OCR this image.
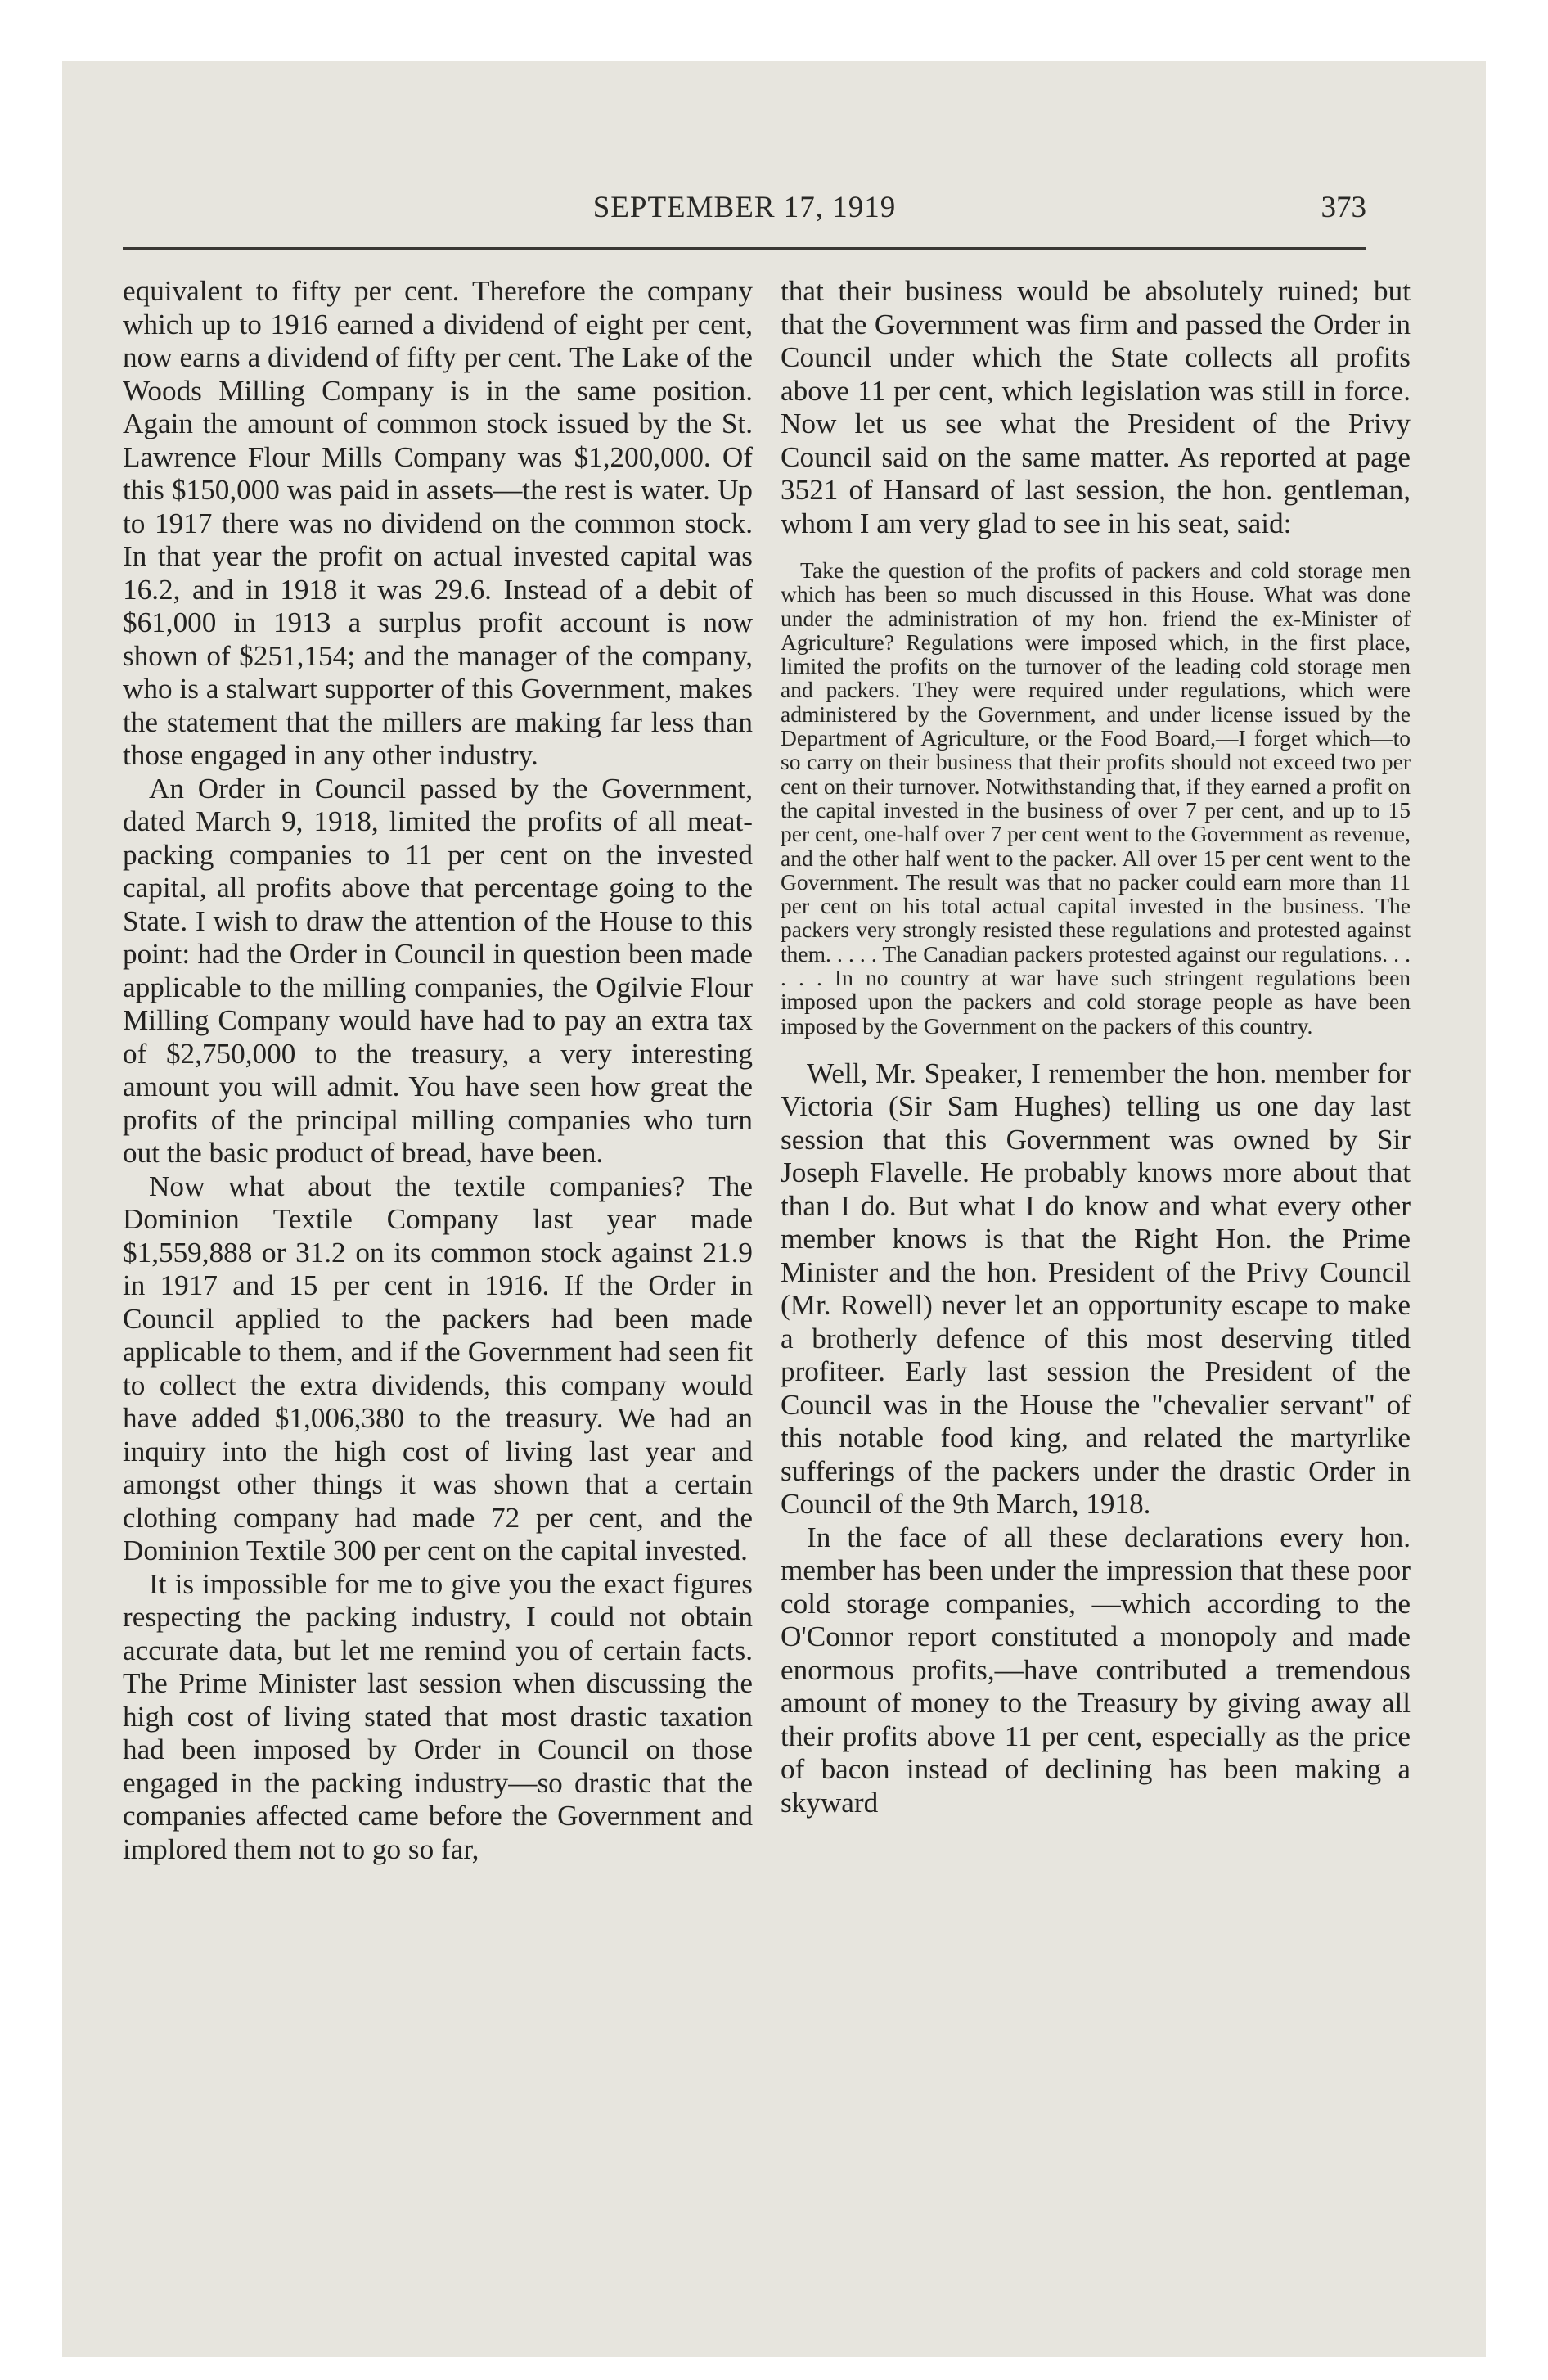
SEPTEMBER 17, 1919	373

equivalent to fifty per cent. Therefore the company which up to 1916 earned a dividend of eight per cent, now earns a dividend of fifty per cent. The Lake of the Woods Milling Company is in the same position. Again the amount of common stock issued by the St. Lawrence Flour Mills Company was $1,200,000. Of this $150,000 was paid in assets—the rest is water. Up to 1917 there was no dividend on the common stock. In that year the profit on actual invested capital was 16.2, and in 1918 it was 29.6. Instead of a debit of $61,000 in 1913 a surplus profit account is now shown of $251,154; and the manager of the company, who is a stalwart supporter of this Government, makes the statement that the millers are making far less than those engaged in any other industry.

An Order in Council passed by the Government, dated March 9, 1918, limited the profits of all meat-packing companies to 11 per cent on the invested capital, all profits above that percentage going to the State. I wish to draw the attention of the House to this point: had the Order in Council in question been made applicable to the milling companies, the Ogilvie Flour Milling Company would have had to pay an extra tax of $2,750,000 to the treasury, a very interesting amount you will admit. You have seen how great the profits of the principal milling companies who turn out the basic product of bread, have been.

Now what about the textile companies? The Dominion Textile Company last year made $1,559,888 or 31.2 on its common stock against 21.9 in 1917 and 15 per cent in 1916. If the Order in Council applied to the packers had been made applicable to them, and if the Government had seen fit to collect the extra dividends, this company would have added $1,006,380 to the treasury. We had an inquiry into the high cost of living last year and amongst other things it was shown that a certain clothing company had made 72 per cent, and the Dominion Textile 300 per cent on the capital invested.

It is impossible for me to give you the exact figures respecting the packing industry, I could not obtain accurate data, but let me remind you of certain facts. The Prime Minister last session when discussing the high cost of living stated that most drastic taxation had been imposed by Order in Council on those engaged in the packing industry—so drastic that the companies affected came before the Government and implored them not to go so far,

that their business would be absolutely ruined; but that the Government was firm and passed the Order in Council under which the State collects all profits above 11 per cent, which legislation was still in force. Now let us see what the President of the Privy Council said on the same matter. As reported at page 3521 of Hansard of last session, the hon. gentleman, whom I am very glad to see in his seat, said:

Take the question of the profits of packers and cold storage men which has been so much discussed in this House. What was done under the administration of my hon. friend the ex-Minister of Agriculture? Regulations were imposed which, in the first place, limited the profits on the turnover of the leading cold storage men and packers. They were required under regulations, which were administered by the Government, and under license issued by the Department of Agriculture, or the Food Board,—I forget which—to so carry on their business that their profits should not exceed two per cent on their turnover. Notwithstanding that, if they earned a profit on the capital invested in the business of over 7 per cent, and up to 15 per cent, one-half over 7 per cent went to the Government as revenue, and the other half went to the packer. All over 15 per cent went to the Government. The result was that no packer could earn more than 11 per cent on his total actual capital invested in the business. The packers very strongly resisted these regulations and protested against them. . . . . The Canadian packers protested against our regulations. . . . . . In no country at war have such stringent regulations been imposed upon the packers and cold storage people as have been imposed by the Government on the packers of this country.

Well, Mr. Speaker, I remember the hon. member for Victoria (Sir Sam Hughes) telling us one day last session that this Government was owned by Sir Joseph Flavelle. He probably knows more about that than I do. But what I do know and what every other member knows is that the Right Hon. the Prime Minister and the hon. President of the Privy Council (Mr. Rowell) never let an opportunity escape to make a brotherly defence of this most deserving titled profiteer. Early last session the President of the Council was in the House the "chevalier servant" of this notable food king, and related the martyrlike sufferings of the packers under the drastic Order in Council of the 9th March, 1918.

In the face of all these declarations every hon. member has been under the impression that these poor cold storage companies, —which according to the O'Connor report constituted a monopoly and made enormous profits,—have contributed a tremendous amount of money to the Treasury by giving away all their profits above 11 per cent, especially as the price of bacon instead of declining has been making a skyward
